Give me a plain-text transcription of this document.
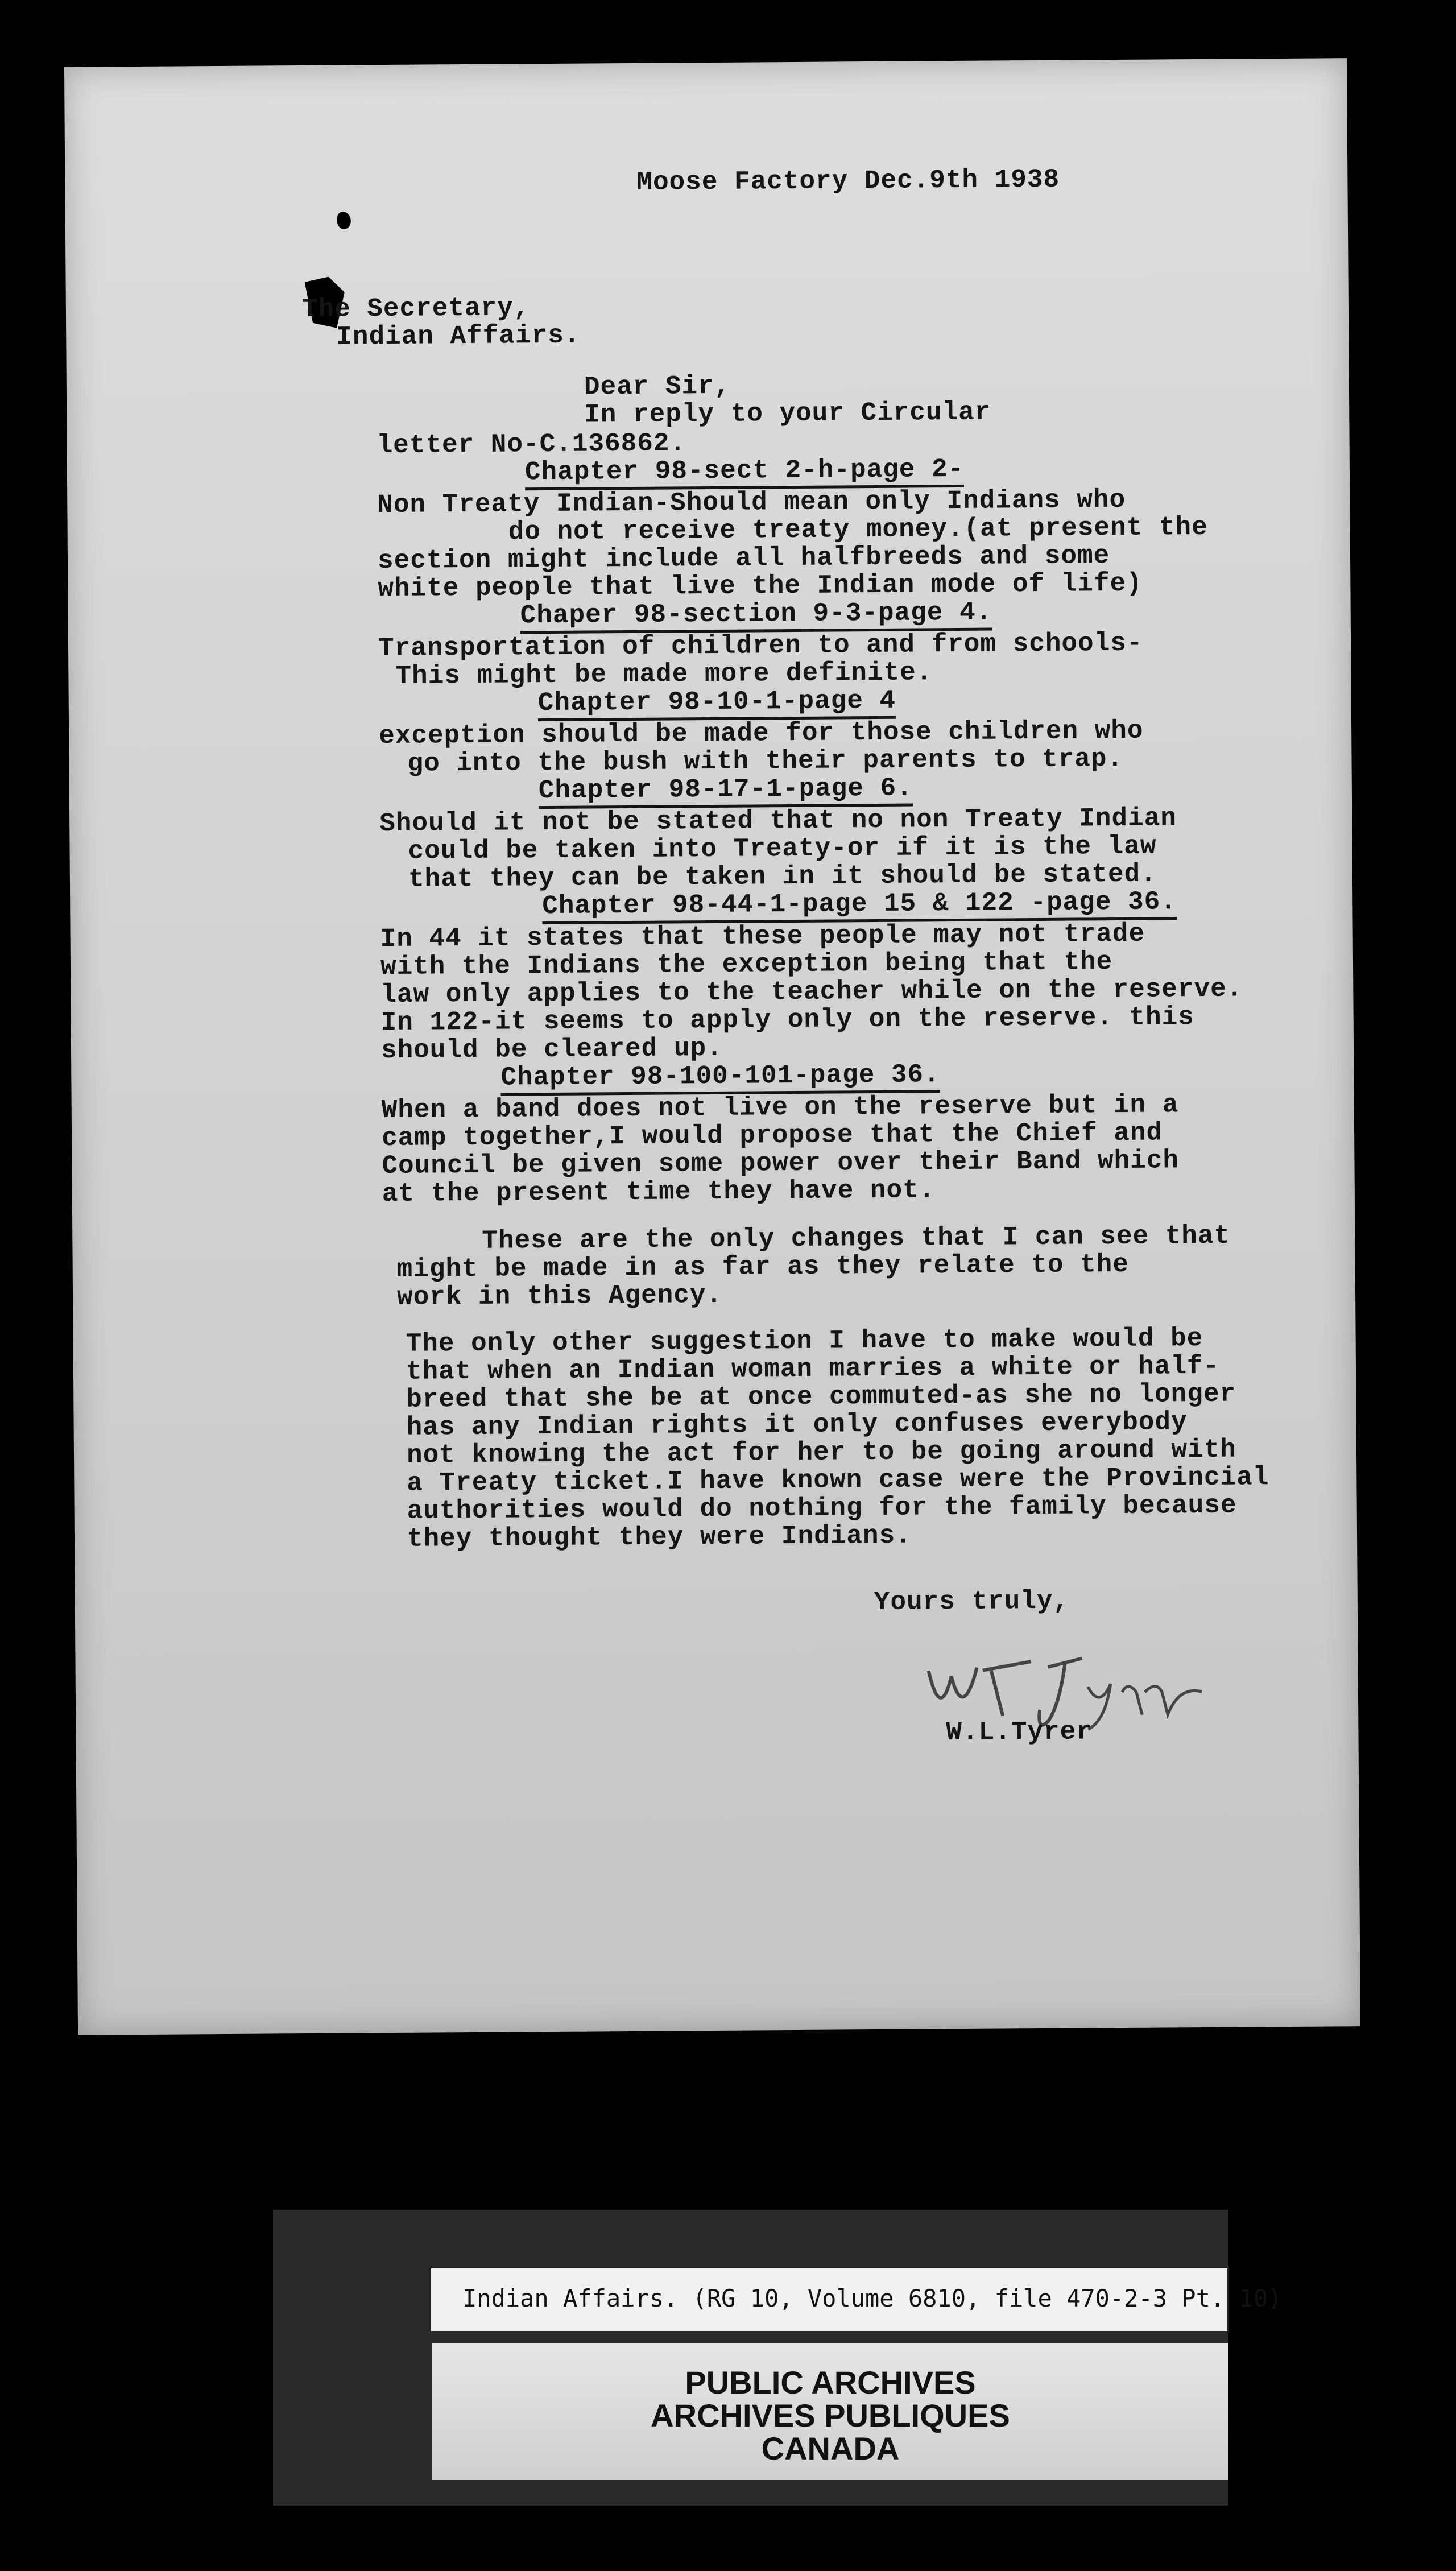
Moose Factory Dec.9th 1938

The Secretary,
Indian Affairs.
Dear Sir,
In reply to your Circular
letter No-C.136862.
Chapter 98-sect 2-h-page 2-
Non Treaty Indian-Should mean only Indians who
do not receive treaty money.(at present the
section might include all halfbreeds and some
white people that live the Indian mode of life)
Chaper 98-section 9-3-page 4.
Transportation of children to and from schools-
This might be made more definite.
Chapter 98-10-1-page 4
exception should be made for those children who
go into the bush with their parents to trap.
Chapter 98-17-1-page 6.
Should it not be stated that no non Treaty Indian
could be taken into Treaty-or if it is the law
that they can be taken in it should be stated.
Chapter 98-44-1-page 15 & 122 -page 36.
In 44 it states that these people may not trade
with the Indians the exception being that the
law only applies to the teacher while on the reserve.
In 122-it seems to apply only on the reserve. this
should be cleared up.
Chapter 98-100-101-page 36.
When a band does not live on the reserve but in a
camp together,I would propose that the Chief and
Council be given some power over their Band which
at the present time they have not.
These are the only changes that I can see that
might be made in as far as they relate to the
work in this Agency.
The only other suggestion I have to make would be
that when an Indian woman marries a white or half-
breed that she be at once commuted-as she no longer
has any Indian rights it only confuses everybody
not knowing the act for her to be going around with
a Treaty ticket.I have known case were the Provincial
authorities would do nothing for the family because
they thought they were Indians.

Yours truly,

W.L.Tyrer

Indian Affairs. (RG 10, Volume 6810, file 470-2-3 Pt. 10)
PUBLIC ARCHIVES
ARCHIVES PUBLIQUES
CANADA
